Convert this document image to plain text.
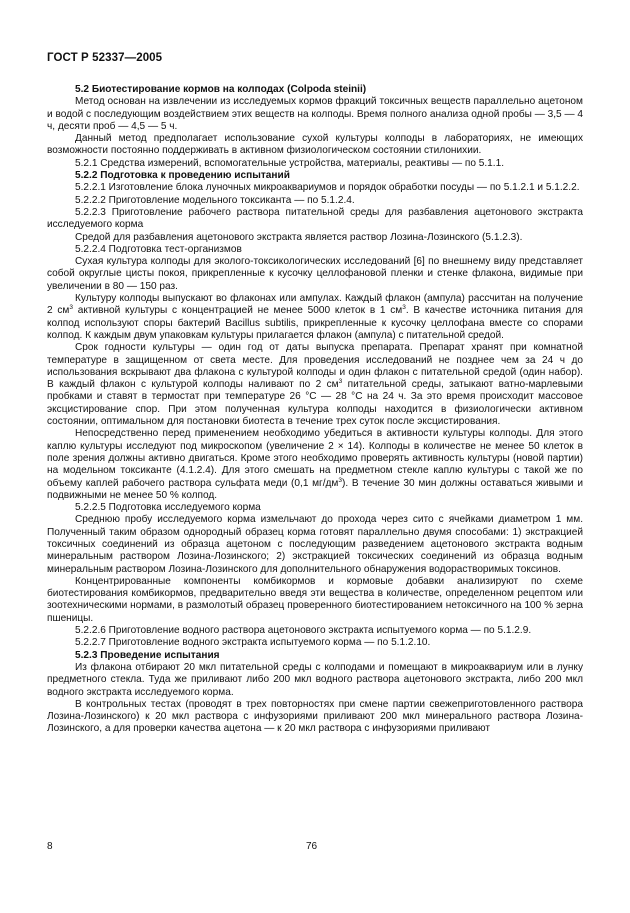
ГОСТ Р 52337—2005

5.2 Биотестирование кормов на колподах (Colpoda steinii)

Метод основан на извлечении из исследуемых кормов фракций токсичных веществ параллельно ацетоном и водой с последующим воздействием этих веществ на колподы. Время полного анализа одной пробы — 3,5 — 4 ч, десяти проб — 4,5 — 5 ч.

Данный метод предполагает использование сухой культуры колподы в лабораториях, не имеющих возможности постоянно поддерживать в активном физиологическом состоянии стилонихии.

5.2.1 Средства измерений, вспомогательные устройства, материалы, реактивы — по 5.1.1.

5.2.2 Подготовка к проведению испытаний

5.2.2.1 Изготовление блока луночных микроаквариумов и порядок обработки посуды — по 5.1.2.1 и 5.1.2.2.

5.2.2.2 Приготовление модельного токсиканта — по 5.1.2.4.

5.2.2.3 Приготовление рабочего раствора питательной среды для разбавления ацетонового экстракта исследуемого корма

Средой для разбавления ацетонового экстракта является раствор Лозина-Лозинского (5.1.2.3).

5.2.2.4 Подготовка тест-организмов

Сухая культура колподы для эколого-токсикологических исследований [6] по внешнему виду представляет собой округлые цисты покоя, прикрепленные к кусочку целлофановой пленки и стенке флакона, видимые при увеличении в 80 — 150 раз.

Культуру колподы выпускают во флаконах или ампулах. Каждый флакон (ампула) рассчитан на получение 2 $см^3$ активной культуры с концентрацией не менее 5000 клеток в 1 $см^3$. В качестве источника питания для колпод используют споры бактерий Bacillus subtilis, прикрепленные к кусочку целлофана вместе со спорами колпод. К каждым двум упаковкам культуры прилагается флакон (ампула) с питательной средой.

Срок годности культуры — один год от даты выпуска препарата. Препарат хранят при комнатной температуре в защищенном от света месте. Для проведения исследований не позднее чем за 24 ч до использования вскрывают два флакона с культурой колподы и один флакон с питательной средой (один набор). В каждый флакон с культурой колподы наливают по 2 $см^3$ питательной среды, затыкают ватно-марлевыми пробками и ставят в термостат при температуре 26 °С — 28 °С на 24 ч. За это время происходит массовое эксцистирование спор. При этом полученная культура колподы находится в физиологически активном состоянии, оптимальном для постановки биотеста в течение трех суток после эксцистирования.

Непосредственно перед применением необходимо убедиться в активности культуры колподы. Для этого каплю культуры исследуют под микроскопом (увеличение 2 × 14). Колподы в количестве не менее 50 клеток в поле зрения должны активно двигаться. Кроме этого необходимо проверять активность культуры (новой партии) на модельном токсиканте (4.1.2.4). Для этого смешать на предметном стекле каплю культуры с такой же по объему каплей рабочего раствора сульфата меди (0,1 $мг/дм^3$). В течение 30 мин должны оставаться живыми и подвижными не менее 50 % колпод.

5.2.2.5 Подготовка исследуемого корма

Среднюю пробу исследуемого корма измельчают до прохода через сито с ячейками диаметром 1 мм. Полученный таким образом однородный образец корма готовят параллельно двумя способами: 1) экстракцией токсичных соединений из образца ацетоном с последующим разведением ацетонового экстракта водным минеральным раствором Лозина-Лозинского; 2) экстракцией токсических соединений из образца водным минеральным раствором Лозина-Лозинского для дополнительного обнаружения водорастворимых токсинов.

Концентрированные компоненты комбикормов и кормовые добавки анализируют по схеме биотестирования комбикормов, предварительно введя эти вещества в количестве, определенном рецептом или зоотехническими нормами, в размолотый образец проверенного биотестированием нетоксичного на 100 % зерна пшеницы.

5.2.2.6 Приготовление водного раствора ацетонового экстракта испытуемого корма — по 5.1.2.9.

5.2.2.7 Приготовление водного экстракта испытуемого корма — по 5.1.2.10.

5.2.3 Проведение испытания

Из флакона отбирают 20 мкл питательной среды с колподами и помещают в микроаквариум или в лунку предметного стекла. Туда же приливают либо 200 мкл водного раствора ацетонового экстракта, либо 200 мкл водного экстракта исследуемого корма.

В контрольных тестах (проводят в трех повторностях при смене партии свежеприготовленного раствора Лозина-Лозинского) к 20 мкл раствора с инфузориями приливают 200 мкл минерального раствора Лозина-Лозинского, а для проверки качества ацетона — к 20 мкл раствора с инфузориями приливают

8	76
